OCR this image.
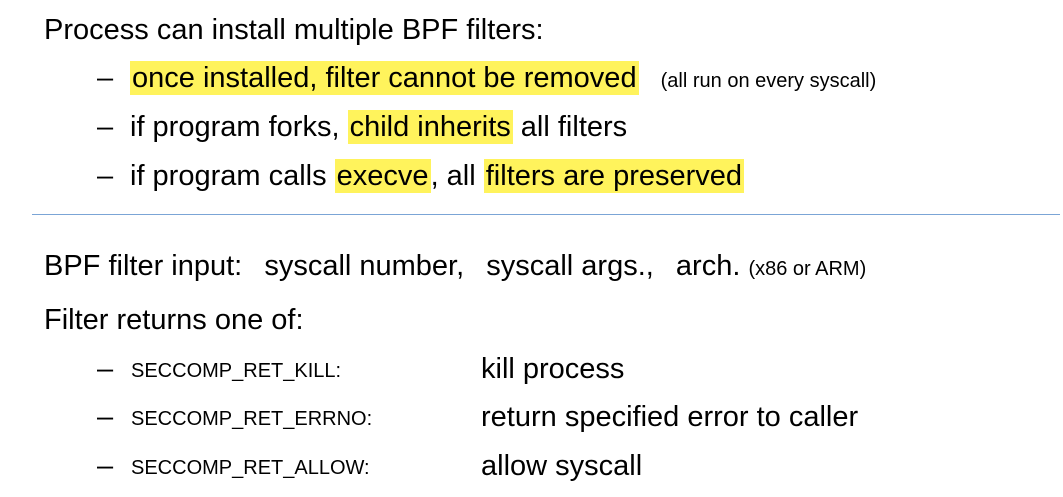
Process can install multiple BPF filters:
– once installed, filter cannot be removed (all run on every syscall)
– if program forks, child inherits all filters
– if program calls execve, all filters are preserved
BPF filter input: syscall number, syscall args., arch. (x86 or ARM)
Filter returns one of:
– SECCOMP_RET_KILL:	kill process
– SECCOMP_RET_ERRNO:	return specified error to caller
– SECCOMP_RET_ALLOW:	allow syscall
